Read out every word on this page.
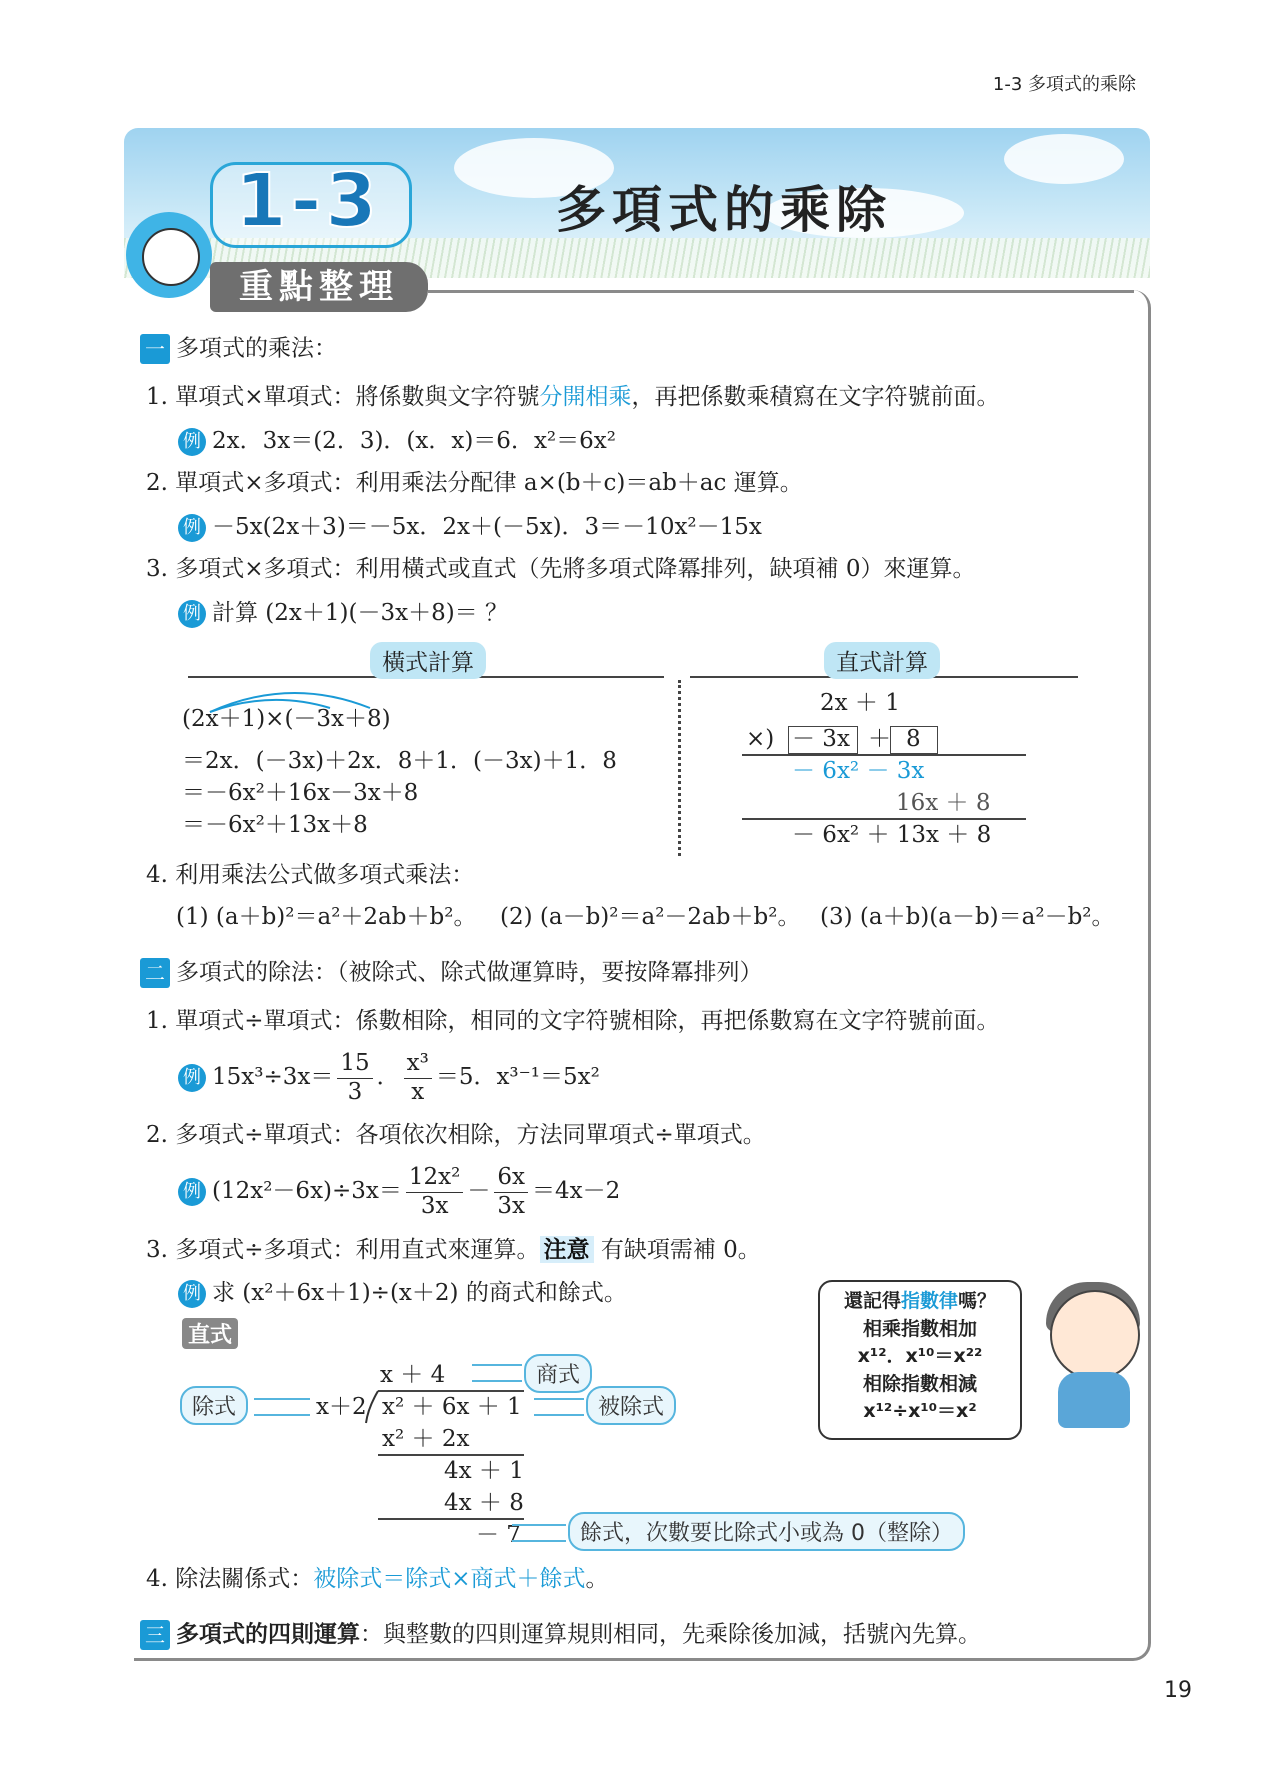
1-3 多項式的乘除
1-3	多項式的乘除
重點整理
一 多項式的乘法：
1. 單項式×單項式：將係數與文字符號分開相乘，再把係數乘積寫在文字符號前面。
例 2x．3x＝(2．3)．(x．x)＝6．x²＝6x²
2. 單項式×多項式：利用乘法分配律 a×(b＋c)＝ab＋ac 運算。
例 －5x(2x＋3)＝－5x．2x＋(－5x)．3＝－10x²－15x
3. 多項式×多項式：利用橫式或直式（先將多項式降冪排列，缺項補 0）來運算。
例 計算 (2x＋1)(－3x＋8)＝ ？
橫式計算	直式計算
(2x＋1)×(－3x＋8)
＝2x．(－3x)＋2x．8＋1．(－3x)＋1．8
＝－6x²＋16x－3x＋8
＝－6x²＋13x＋8
2x ＋ 1
×) － 3x ＋ 8
－ 6x² － 3x
16x ＋ 8
－ 6x² ＋ 13x ＋ 8
4. 利用乘法公式做多項式乘法：
(1) (a＋b)²＝a²＋2ab＋b²。 (2) (a－b)²＝a²－2ab＋b²。 (3) (a＋b)(a－b)＝a²－b²。
二 多項式的除法：（被除式、除式做運算時，要按降冪排列）
1. 單項式÷單項式：係數相除，相同的文字符號相除，再把係數寫在文字符號前面。
例 $15x^3\div 3x= \frac{15}{3}$ ． $\frac{\text{x³}}{x} =5$．x³⁻¹＝5x²
2. 多項式÷單項式：各項依次相除，方法同單項式÷單項式。
例 $(12x^2-6x)\div 3x= \frac{\text{12x²}}{3x} - \frac{6x}{3x} =4x-2$
3. 多項式÷多項式：利用直式來運算。 注意 有缺項需補 0。
例 求 (x²＋6x＋1)÷(x＋2) 的商式和餘式。
直式
x ＋ 4
x＋2 x² ＋ 6x ＋ 1
x² ＋ 2x
4x ＋ 1
4x ＋ 8
－ 7
商式
除式	被除式
餘式，次數要比除式小或為 0（整除）
4. 除法關係式：被除式＝除式×商式＋餘式。
三 多項式的四則運算：與整數的四則運算規則相同，先乘除後加減，括號內先算。
還記得指數律嗎？
相乘指數相加
x¹²．x¹⁰＝x²²
相除指數相減
x¹²÷x¹⁰＝x²
19
